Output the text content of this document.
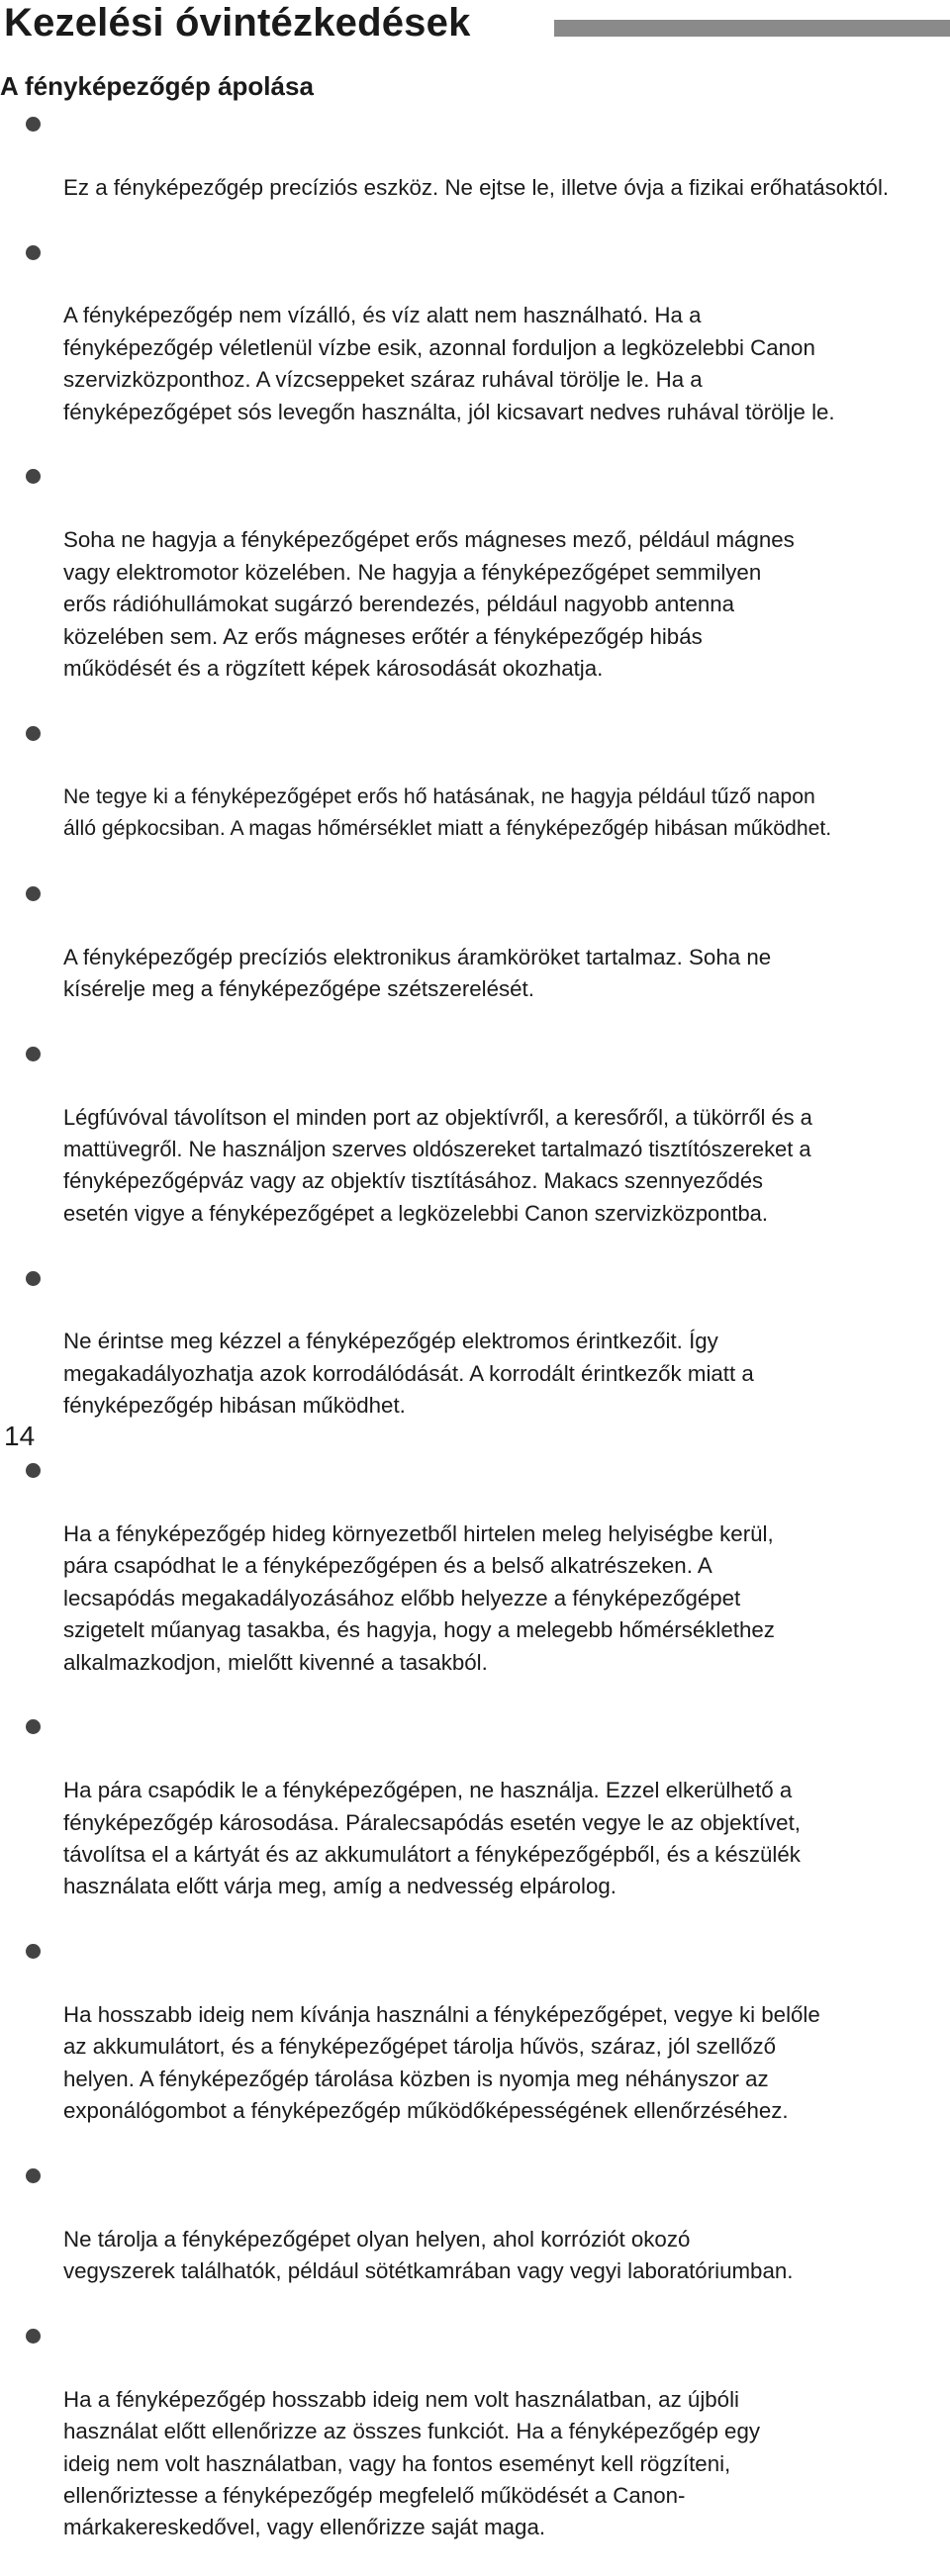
Kezelési óvintézkedések
A fényképezőgép ápolása

Ez a fényképezőgép precíziós eszköz. Ne ejtse le, illetve óvja a fizikai erőhatásoktól.

A fényképezőgép nem vízálló, és víz alatt nem használható. Ha a
fényképezőgép véletlenül vízbe esik, azonnal forduljon a legközelebbi Canon
szervizközponthoz. A vízcseppeket száraz ruhával törölje le. Ha a
fényképezőgépet sós levegőn használta, jól kicsavart nedves ruhával törölje le.

Soha ne hagyja a fényképezőgépet erős mágneses mező, például mágnes
vagy elektromotor közelében. Ne hagyja a fényképezőgépet semmilyen
erős rádióhullámokat sugárzó berendezés, például nagyobb antenna
közelében sem. Az erős mágneses erőtér a fényképezőgép hibás
működését és a rögzített képek károsodását okozhatja.

Ne tegye ki a fényképezőgépet erős hő hatásának, ne hagyja például tűző napon
álló gépkocsiban. A magas hőmérséklet miatt a fényképezőgép hibásan működhet.

A fényképezőgép precíziós elektronikus áramköröket tartalmaz. Soha ne
kísérelje meg a fényképezőgépe szétszerelését.

Légfúvóval távolítson el minden port az objektívről, a keresőről, a tükörről és a
mattüvegről. Ne használjon szerves oldószereket tartalmazó tisztítószereket a
fényképezőgépváz vagy az objektív tisztításához. Makacs szennyeződés
esetén vigye a fényképezőgépet a legközelebbi Canon szervizközpontba.

Ne érintse meg kézzel a fényképezőgép elektromos érintkezőit. Így
megakadályozhatja azok korrodálódását. A korrodált érintkezők miatt a
fényképezőgép hibásan működhet.

Ha a fényképezőgép hideg környezetből hirtelen meleg helyiségbe kerül,
pára csapódhat le a fényképezőgépen és a belső alkatrészeken. A
lecsapódás megakadályozásához előbb helyezze a fényképezőgépet
szigetelt műanyag tasakba, és hagyja, hogy a melegebb hőmérséklethez
alkalmazkodjon, mielőtt kivenné a tasakból.

Ha pára csapódik le a fényképezőgépen, ne használja. Ezzel elkerülhető a
fényképezőgép károsodása. Páralecsapódás esetén vegye le az objektívet,
távolítsa el a kártyát és az akkumulátort a fényképezőgépből, és a készülék
használata előtt várja meg, amíg a nedvesség elpárolog.

Ha hosszabb ideig nem kívánja használni a fényképezőgépet, vegye ki belőle
az akkumulátort, és a fényképezőgépet tárolja hűvös, száraz, jól szellőző
helyen. A fényképezőgép tárolása közben is nyomja meg néhányszor az
exponálógombot a fényképezőgép működőképességének ellenőrzéséhez.

Ne tárolja a fényképezőgépet olyan helyen, ahol korróziót okozó
vegyszerek találhatók, például sötétkamrában vagy vegyi laboratóriumban.

Ha a fényképezőgép hosszabb ideig nem volt használatban, az újbóli
használat előtt ellenőrizze az összes funkciót. Ha a fényképezőgép egy
ideig nem volt használatban, vagy ha fontos eseményt kell rögzíteni,
ellenőriztesse a fényképezőgép megfelelő működését a Canon-
márkakereskedővel, vagy ellenőrizze saját maga.

14
